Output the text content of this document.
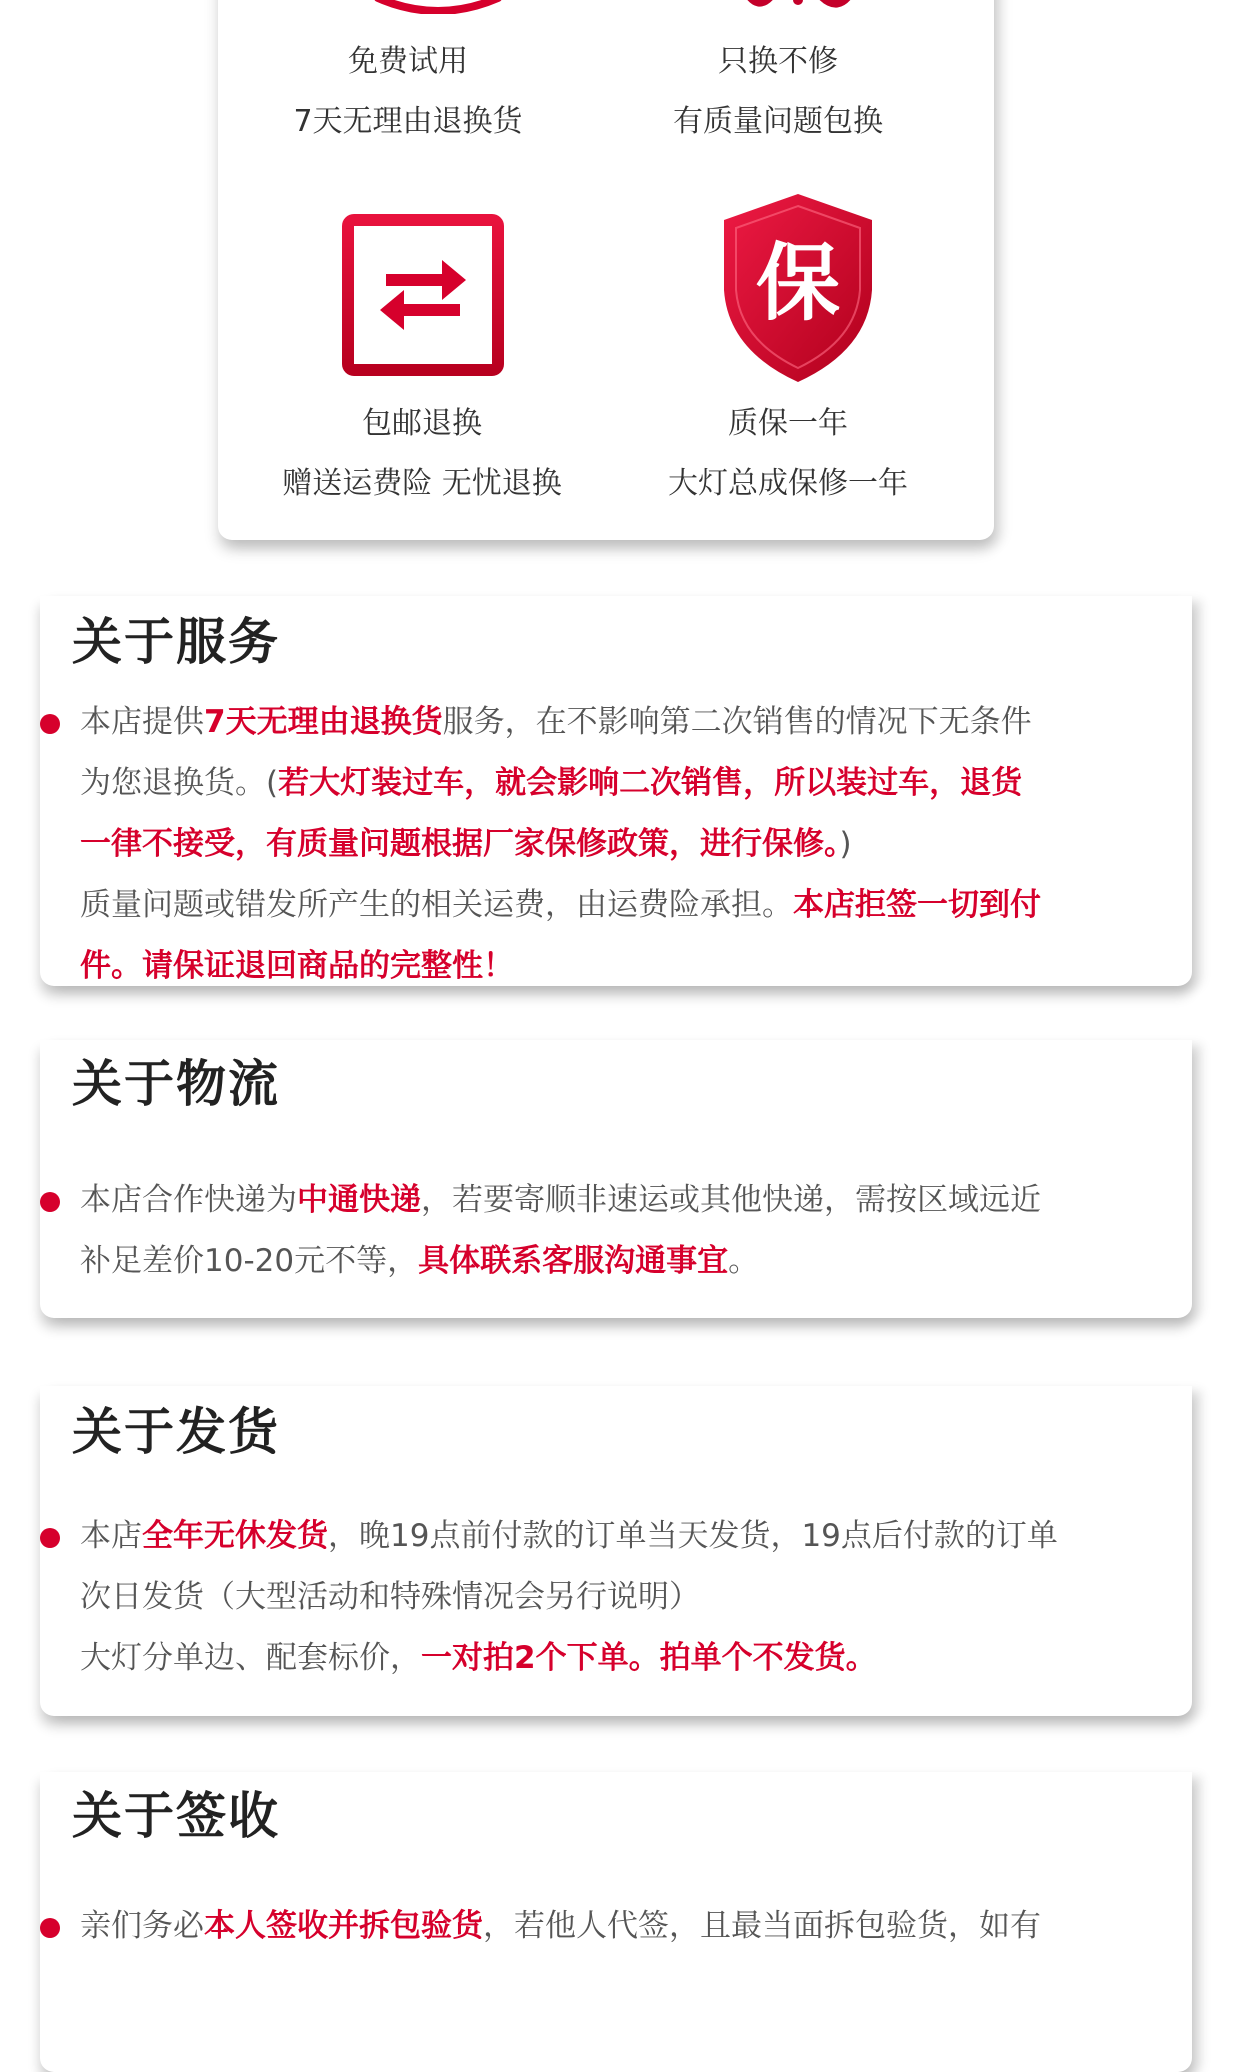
免费试用
7天无理由退换货
只换不修
有质量问题包换
保
包邮退换
赠送运费险 无忧退换
质保一年
大灯总成保修一年
关于服务
本店提供7天无理由退换货服务，在不影响第二次销售的情况下无条件
为您退换货。(若大灯装过车，就会影响二次销售，所以装过车，退货
一律不接受，有质量问题根据厂家保修政策，进行保修。)
质量问题或错发所产生的相关运费，由运费险承担。本店拒签一切到付
件。请保证退回商品的完整性！
关于物流
本店合作快递为中通快递，若要寄顺非速运或其他快递，需按区域远近
补足差价10-20元不等，具体联系客服沟通事宜。
关于发货
本店全年无休发货，晚19点前付款的订单当天发货，19点后付款的订单
次日发货（大型活动和特殊情况会另行说明）
大灯分单边、配套标价，一对拍2个下单。拍单个不发货。
关于签收
亲们务必本人签收并拆包验货，若他人代签，且最当面拆包验货，如有
